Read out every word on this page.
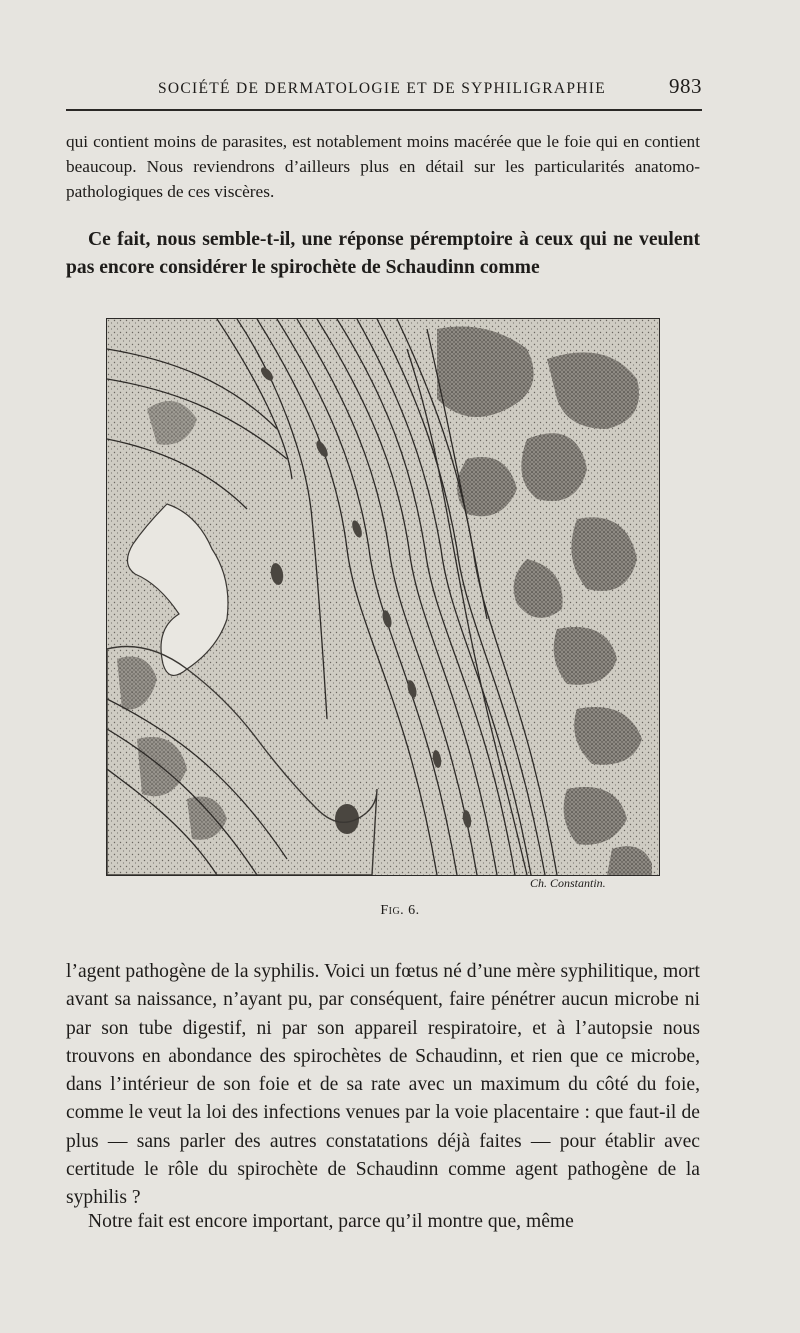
SOCIÉTÉ DE DERMATOLOGIE ET DE SYPHILIGRAPHIE	983

qui contient moins de parasites, est notablement moins macérée que le foie qui en contient beaucoup. Nous reviendrons d’ailleurs plus en détail sur les particularités anatomo-pathologiques de ces viscères.

Ce fait, nous semble-t-il, une réponse péremptoire à ceux qui ne veulent pas encore considérer le spirochète de Schaudinn comme

Ch. Constantin.
Fig. 6.

l’agent pathogène de la syphilis. Voici un fœtus né d’une mère syphilitique, mort avant sa naissance, n’ayant pu, par conséquent, faire pénétrer aucun microbe ni par son tube digestif, ni par son appareil respiratoire, et à l’autopsie nous trouvons en abondance des spirochètes de Schaudinn, et rien que ce microbe, dans l’intérieur de son foie et de sa rate avec un maximum du côté du foie, comme le veut la loi des infections venues par la voie placentaire : que faut-il de plus — sans parler des autres constatations déjà faites — pour établir avec certitude le rôle du spirochète de Schaudinn comme agent pathogène de la syphilis ?

Notre fait est encore important, parce qu’il montre que, même
